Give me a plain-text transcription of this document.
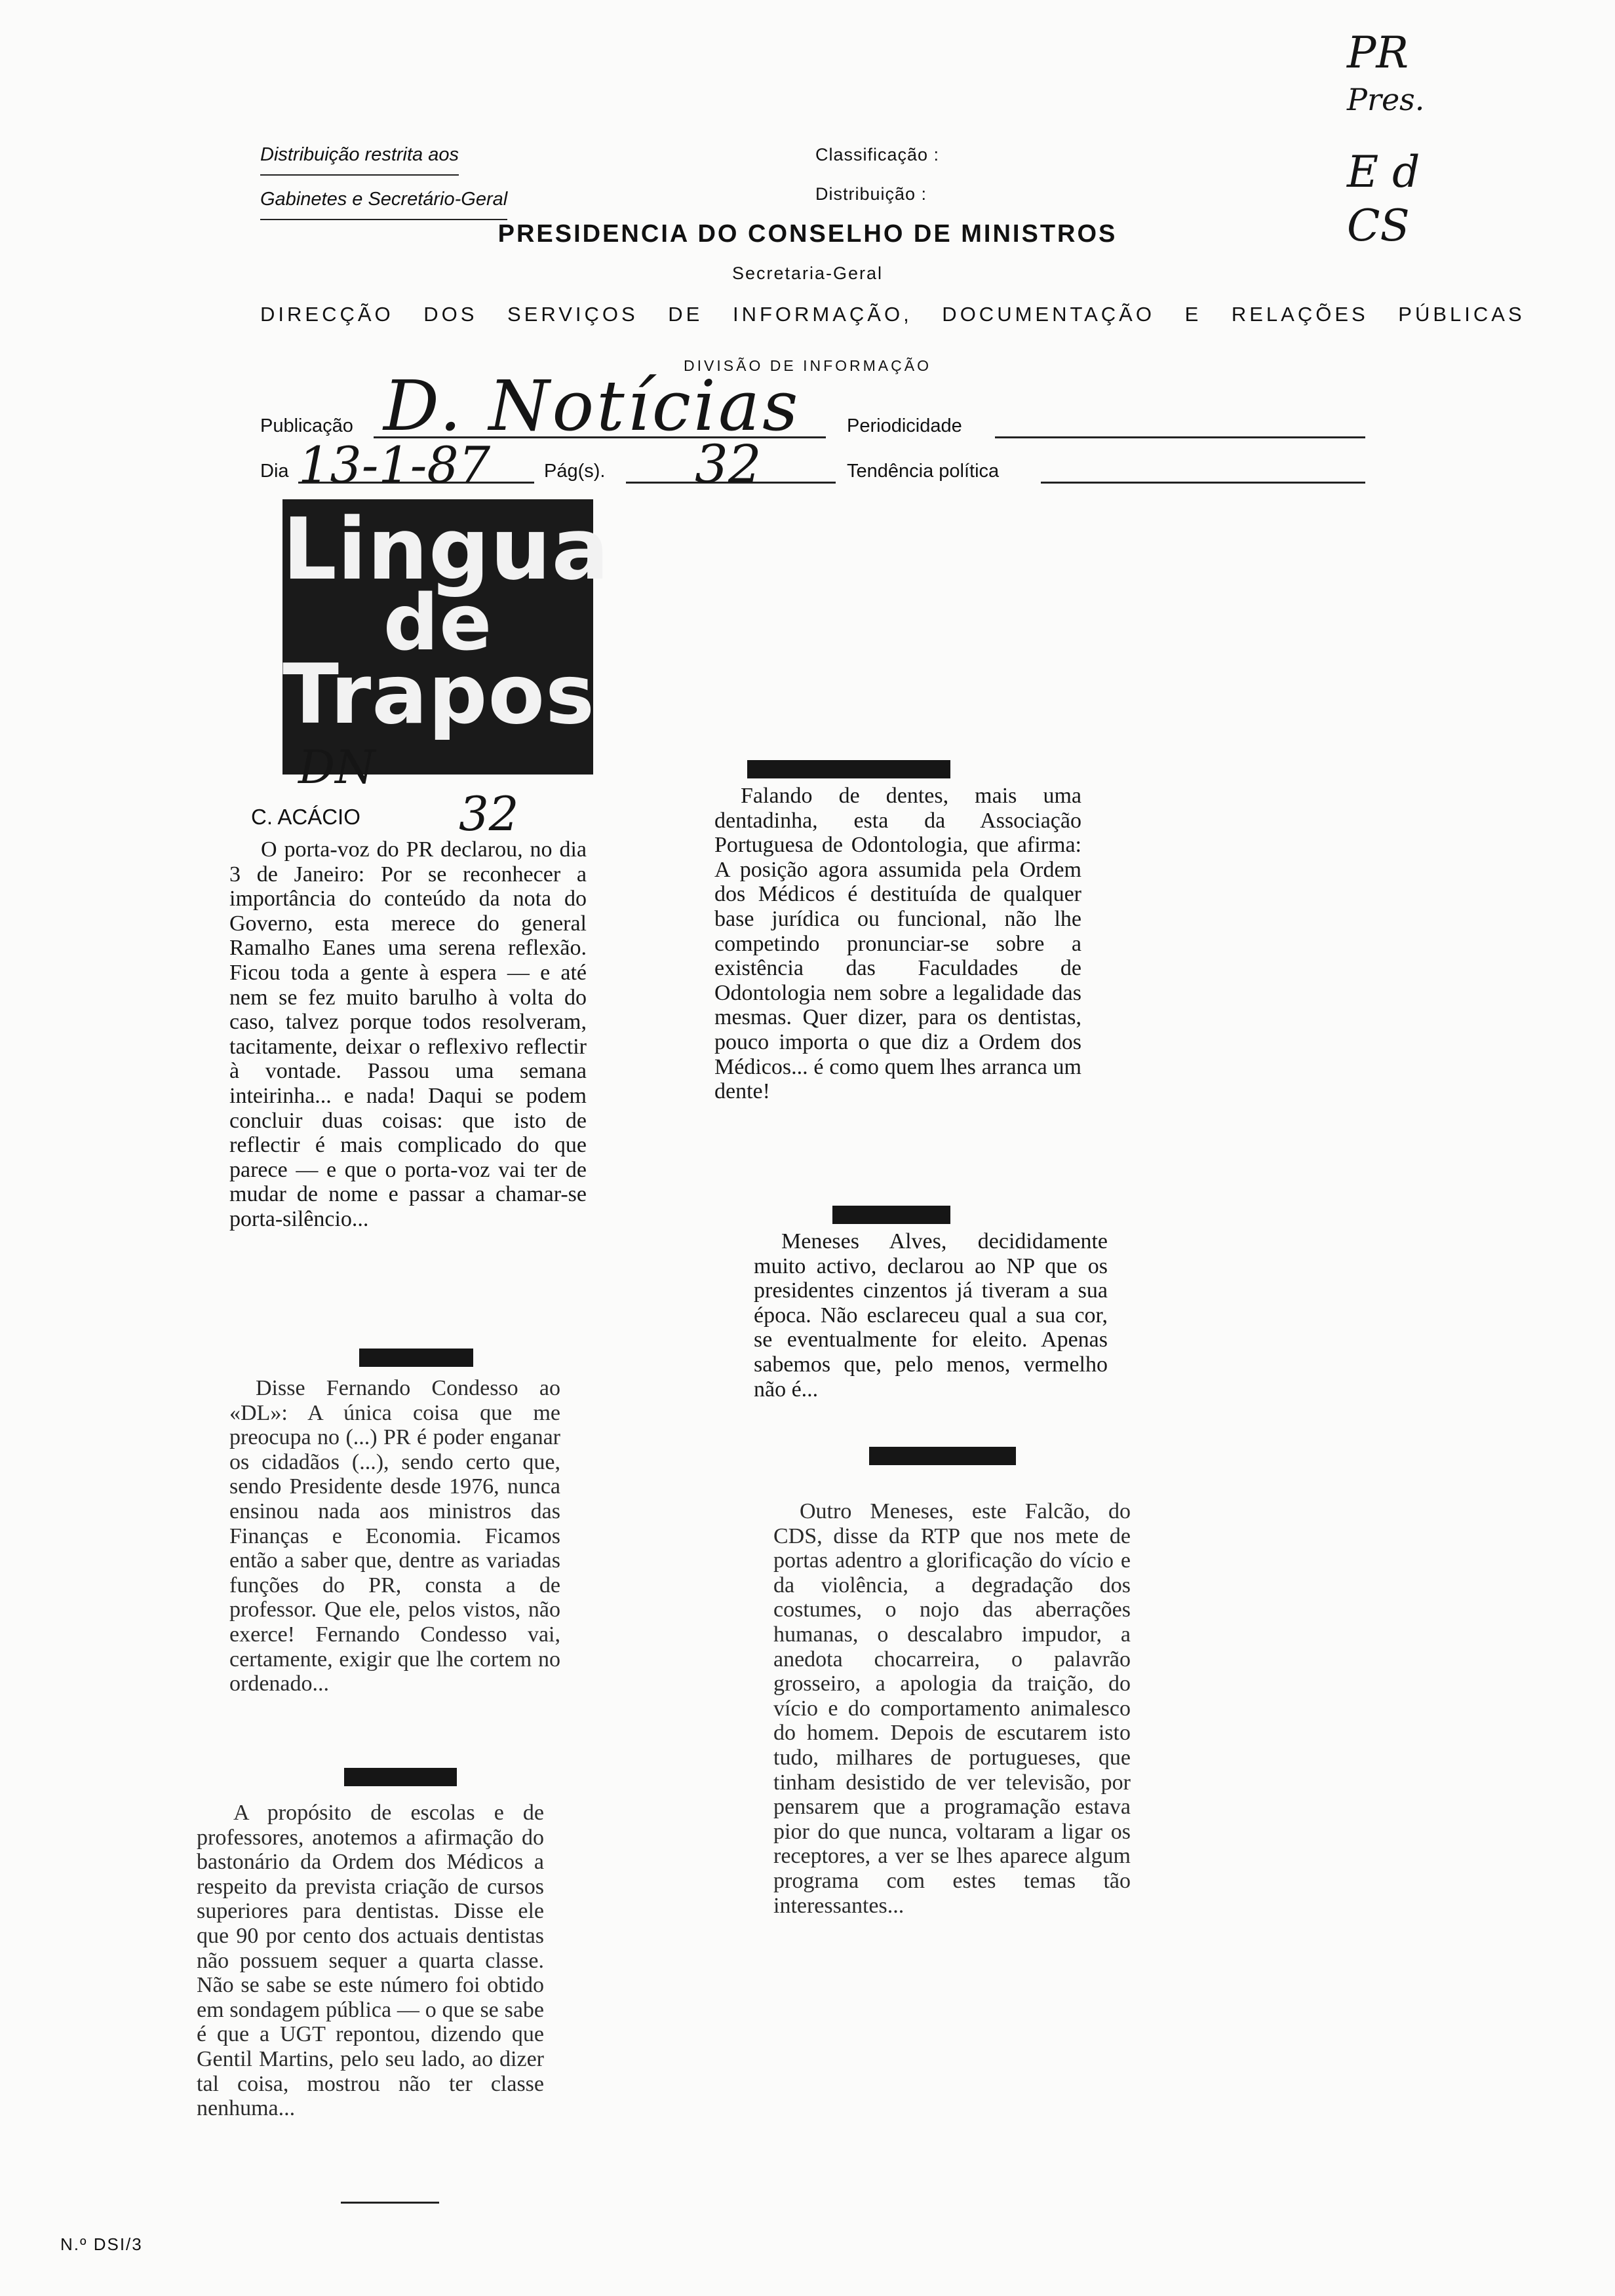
Distribuição restrita aos
Gabinetes e Secretário-Geral
Classificação :
Distribuição :
PR
Pres.
E d
CS
PRESIDENCIA DO CONSELHO DE MINISTROS
Secretaria-Geral
DIRECÇÃO DOS SERVIÇOS DE INFORMAÇÃO, DOCUMENTAÇÃO E RELAÇÕES PÚBLICAS
DIVISÃO DE INFORMAÇÃO
Publicação D. Notícias Periodicidade
Dia 13-1-87	Pág(s). 32	Tendência política
Lingua
de
Trapos
DN
32
C. ACÁCIO

O porta-voz do PR declarou, no dia 3 de Janeiro: Por se reconhecer a importância do conteúdo da nota do Governo, esta merece do general Ramalho Eanes uma serena reflexão. Ficou toda a gente à espera — e até nem se fez muito barulho à volta do caso, talvez porque todos resolveram, tacitamente, deixar o reflexivo reflectir à vontade. Passou uma semana inteirinha... e nada! Daqui se podem concluir duas coisas: que isto de reflectir é mais complicado do que parece — e que o porta-voz vai ter de mudar de nome e passar a chamar-se porta-silêncio...

Disse Fernando Condesso ao «DL»: A única coisa que me preocupa no (...) PR é poder enganar os cidadãos (...), sendo certo que, sendo Presidente desde 1976, nunca ensinou nada aos ministros das Finanças e Economia. Ficamos então a saber que, dentre as variadas funções do PR, consta a de professor. Que ele, pelos vistos, não exerce! Fernando Condesso vai, certamente, exigir que lhe cortem no ordenado...

A propósito de escolas e de professores, anotemos a afirmação do bastonário da Ordem dos Médicos a respeito da prevista criação de cursos superiores para dentistas. Disse ele que 90 por cento dos actuais dentistas não possuem sequer a quarta classe. Não se sabe se este número foi obtido em sondagem pública — o que se sabe é que a UGT repontou, dizendo que Gentil Martins, pelo seu lado, ao dizer tal coisa, mostrou não ter classe nenhuma...

Falando de dentes, mais uma dentadinha, esta da Associação Portuguesa de Odontologia, que afirma: A posição agora assumida pela Ordem dos Médicos é destituída de qualquer base jurídica ou funcional, não lhe competindo pronunciar-se sobre a existência das Faculdades de Odontologia nem sobre a legalidade das mesmas. Quer dizer, para os dentistas, pouco importa o que diz a Ordem dos Médicos... é como quem lhes arranca um dente!

Meneses Alves, decididamente muito activo, declarou ao NP que os presidentes cinzentos já tiveram a sua época. Não esclareceu qual a sua cor, se eventualmente for eleito. Apenas sabemos que, pelo menos, vermelho não é...

Outro Meneses, este Falcão, do CDS, disse da RTP que nos mete de portas adentro a glorificação do vício e da violência, a degradação dos costumes, o nojo das aberrações humanas, o descalabro impudor, a anedota chocarreira, o palavrão grosseiro, a apologia da traição, do vício e do comportamento animalesco do homem. Depois de escutarem isto tudo, milhares de portugueses, que tinham desistido de ver televisão, por pensarem que a programação estava pior do que nunca, voltaram a ligar os receptores, a ver se lhes aparece algum programa com estes temas tão interessantes...

N.º DSI/3
